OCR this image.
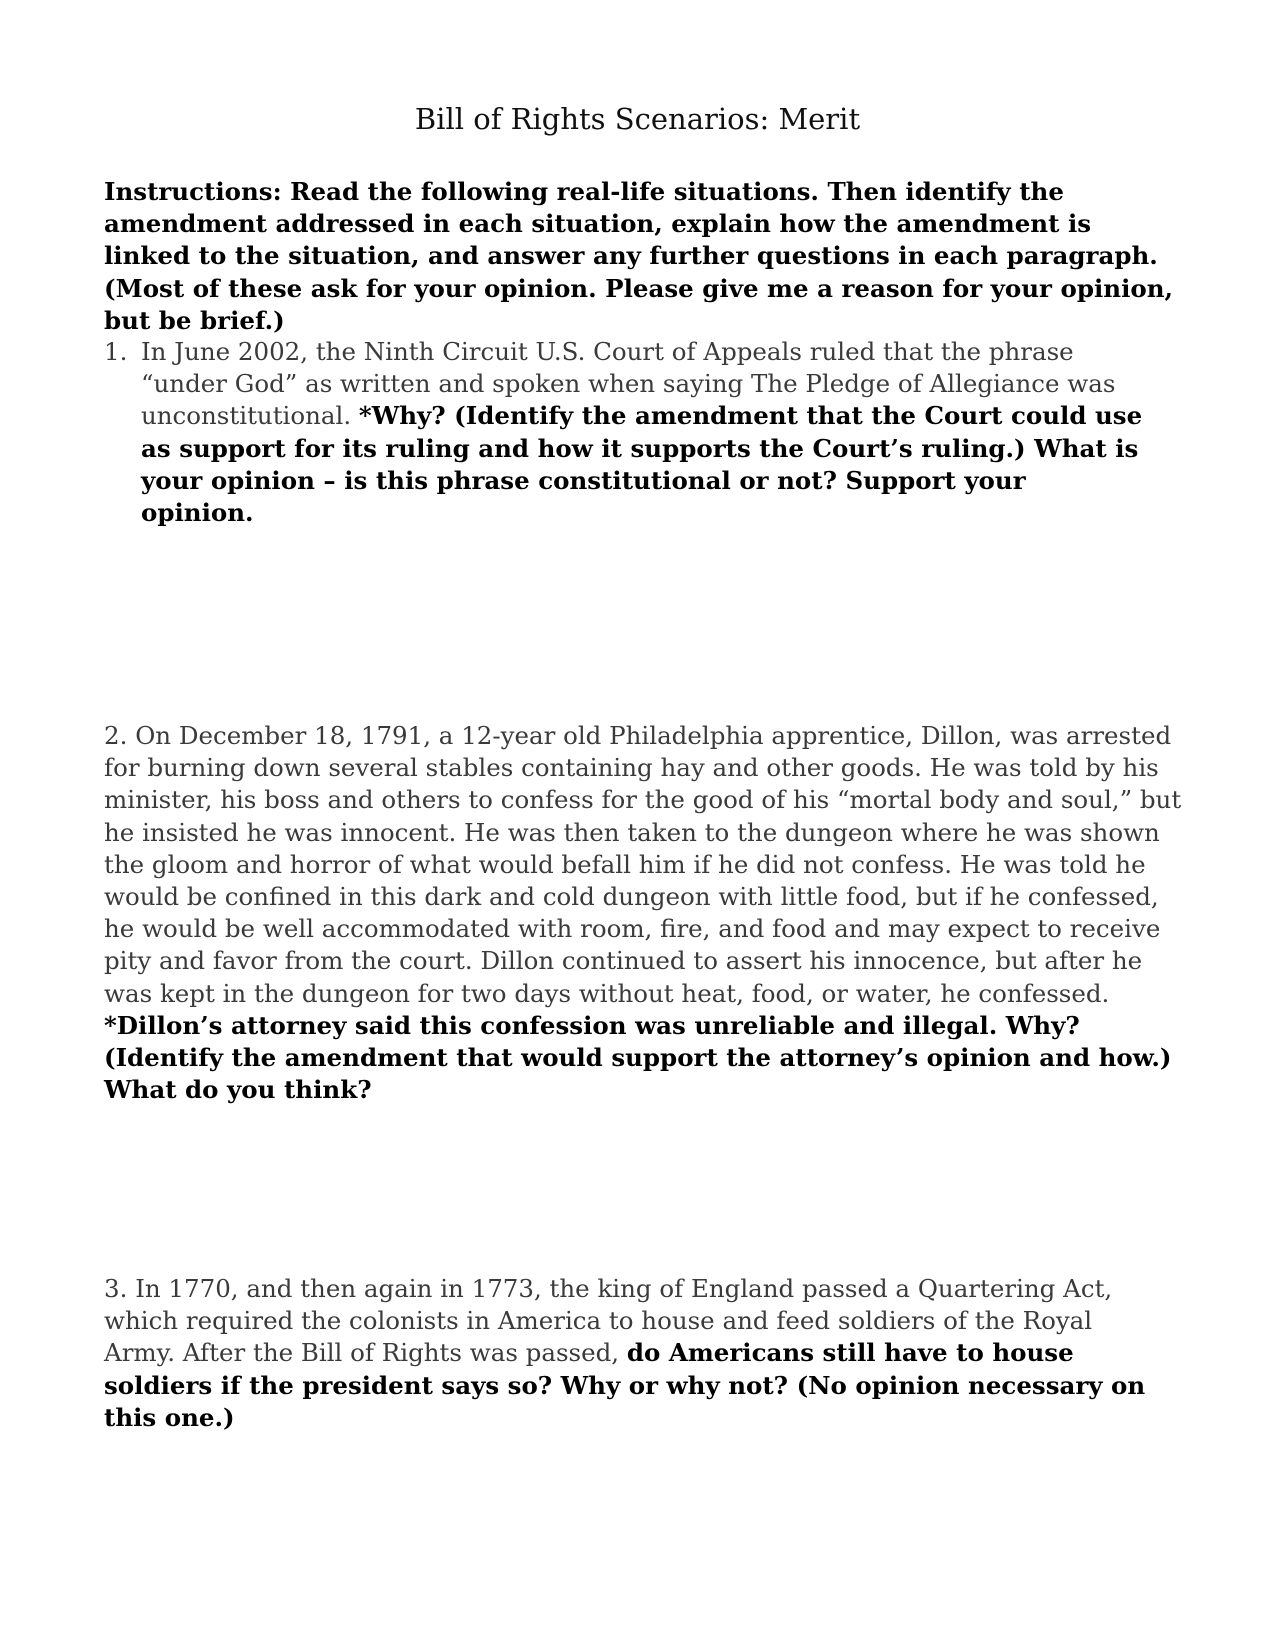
Bill of Rights Scenarios: Merit

Instructions: Read the following real-life situations. Then identify the amendment addressed in each situation, explain how the amendment is linked to the situation, and answer any further questions in each paragraph. (Most of these ask for your opinion. Please give me a reason for your opinion, but be brief.)

1. In June 2002, the Ninth Circuit U.S. Court of Appeals ruled that the phrase “under God” as written and spoken when saying The Pledge of Allegiance was unconstitutional. *Why? (Identify the amendment that the Court could use as support for its ruling and how it supports the Court’s ruling.) What is your opinion – is this phrase constitutional or not? Support your opinion.
2. On December 18, 1791, a 12-year old Philadelphia apprentice, Dillon, was arrested for burning down several stables containing hay and other goods. He was told by his minister, his boss and others to confess for the good of his “mortal body and soul,” but he insisted he was innocent. He was then taken to the dungeon where he was shown the gloom and horror of what would befall him if he did not confess. He was told he would be confined in this dark and cold dungeon with little food, but if he confessed, he would be well accommodated with room, fire, and food and may expect to receive pity and favor from the court. Dillon continued to assert his innocence, but after he was kept in the dungeon for two days without heat, food, or water, he confessed.
*Dillon’s attorney said this confession was unreliable and illegal. Why? (Identify the amendment that would support the attorney’s opinion and how.) What do you think?
3. In 1770, and then again in 1773, the king of England passed a Quartering Act, which required the colonists in America to house and feed soldiers of the Royal Army. After the Bill of Rights was passed, do Americans still have to house soldiers if the president says so? Why or why not? (No opinion necessary on this one.)
